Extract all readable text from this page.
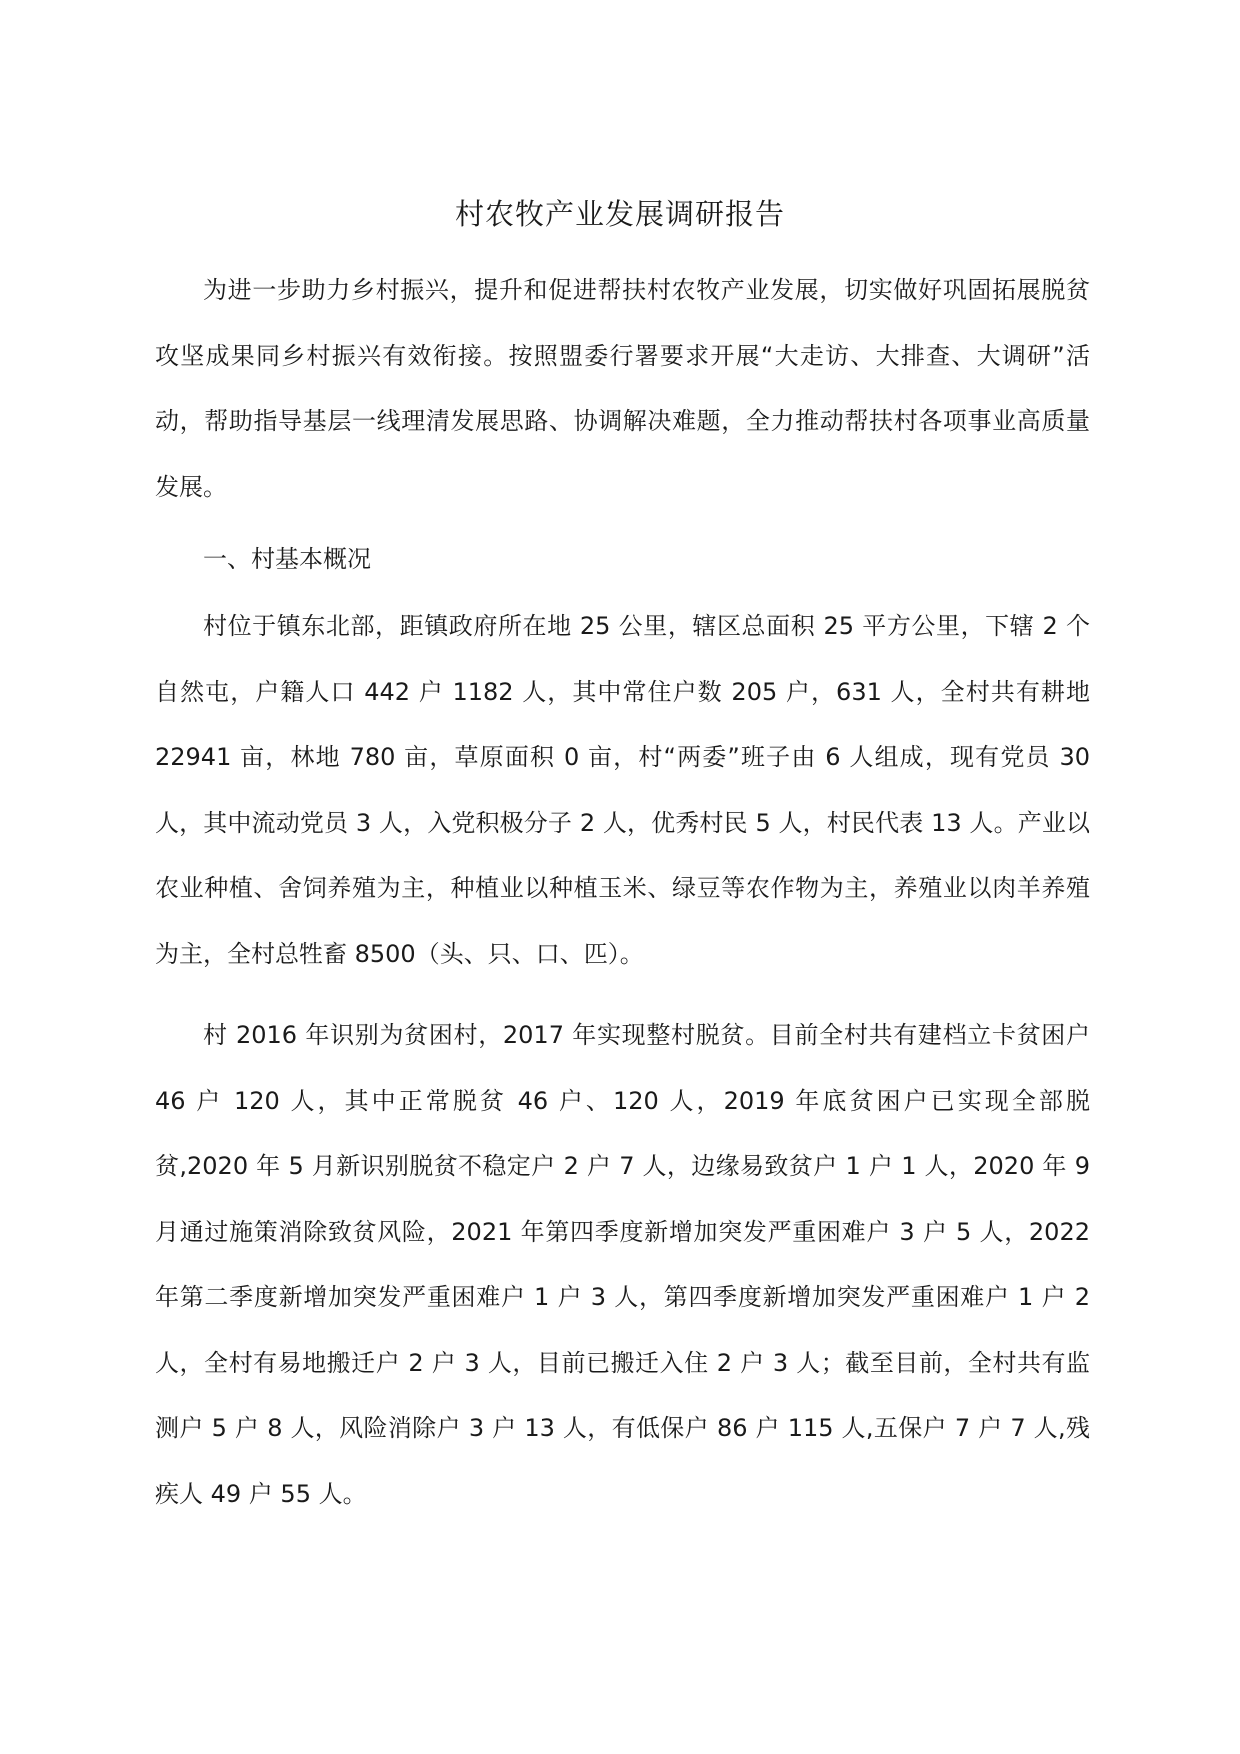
村农牧产业发展调研报告

为进一步助力乡村振兴，提升和促进帮扶村农牧产业发展，切实做好巩固拓展脱贫攻坚成果同乡村振兴有效衔接。按照盟委行署要求开展“大走访、大排查、大调研”活动，帮助指导基层一线理清发展思路、协调解决难题，全力推动帮扶村各项事业高质量发展。

一、村基本概况

村位于镇东北部，距镇政府所在地 25 公里，辖区总面积 25 平方公里，下辖 2 个自然屯，户籍人口 442 户 1182 人，其中常住户数 205 户，631 人，全村共有耕地 22941 亩，林地 780 亩，草原面积 0 亩，村“两委”班子由 6 人组成，现有党员 30 人，其中流动党员 3 人，入党积极分子 2 人，优秀村民 5 人，村民代表 13 人。产业以农业种植、舍饲养殖为主，种植业以种植玉米、绿豆等农作物为主，养殖业以肉羊养殖为主，全村总牲畜 8500（头、只、口、匹）。

村 2016 年识别为贫困村，2017 年实现整村脱贫。目前全村共有建档立卡贫困户 46 户 120 人，其中正常脱贫 46 户、120 人，2019 年底贫困户已实现全部脱贫,2020 年 5 月新识别脱贫不稳定户 2 户 7 人，边缘易致贫户 1 户 1 人，2020 年 9 月通过施策消除致贫风险，2021 年第四季度新增加突发严重困难户 3 户 5 人，2022 年第二季度新增加突发严重困难户 1 户 3 人，第四季度新增加突发严重困难户 1 户 2 人，全村有易地搬迁户 2 户 3 人，目前已搬迁入住 2 户 3 人；截至目前，全村共有监测户 5 户 8 人，风险消除户 3 户 13 人，有低保户 86 户 115 人,五保户 7 户 7 人,残疾人 49 户 55 人。
